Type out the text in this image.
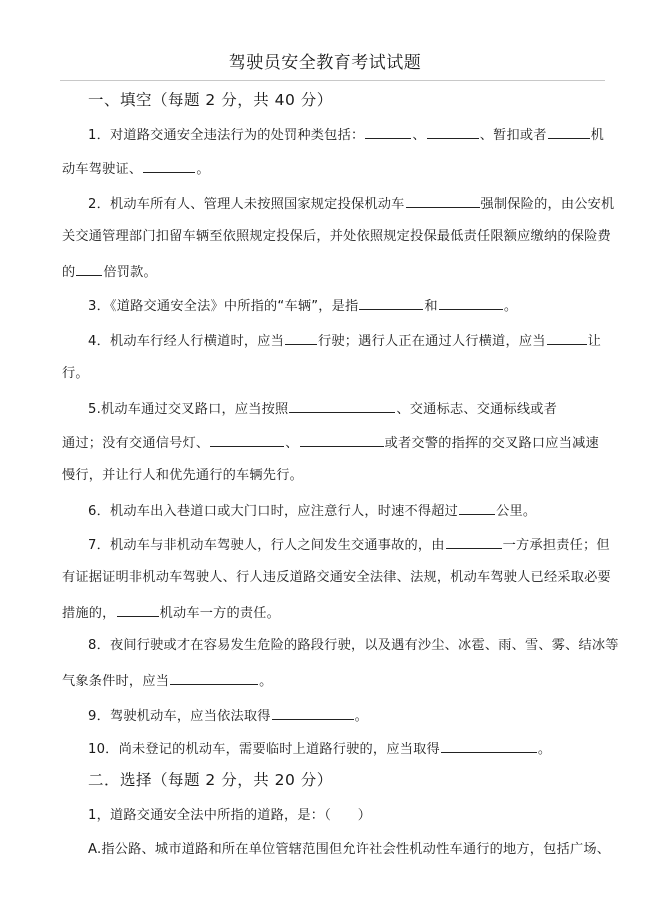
驾驶员安全教育考试试题
一、填空（每题 2 分，共 40 分）
1．对道路交通安全违法行为的处罚种类包括：	、	、暂扣或者	机
动车驾驶证、	。
2．机动车所有人、管理人未按照国家规定投保机动车	强制保险的，由公安机
关交通管理部门扣留车辆至依照规定投保后，并处依照规定投保最低责任限额应缴纳的保险费
的 倍罚款。
3．《道路交通安全法》中所指的“车辆”，是指	和	。
4．机动车行经人行横道时，应当	行驶；遇行人正在通过人行横道，应当	让
行。
5.机动车通过交叉路口，应当按照	、交通标志、交通标线或者
通过；没有交通信号灯、	、	或者交警的指挥的交叉路口应当减速
慢行，并让行人和优先通行的车辆先行。
6．机动车出入巷道口或大门口时，应注意行人，时速不得超过	公里。
7．机动车与非机动车驾驶人，行人之间发生交通事故的，由	一方承担责任；但
有证据证明非机动车驾驶人、行人违反道路交通安全法律、法规，机动车驾驶人已经采取必要
措施的，	机动车一方的责任。
8．夜间行驶或才在容易发生危险的路段行驶，以及遇有沙尘、冰雹、雨、雪、雾、结冰等
气象条件时，应当	。
9．驾驶机动车，应当依法取得	。
10．尚未登记的机动车，需要临时上道路行驶的，应当取得	。
二．选择（每题 2 分，共 20 分）
1，道路交通安全法中所指的道路，是：（　　）
A.指公路、城市道路和所在单位管辖范围但允许社会性机动性车通行的地方，包括广场、
